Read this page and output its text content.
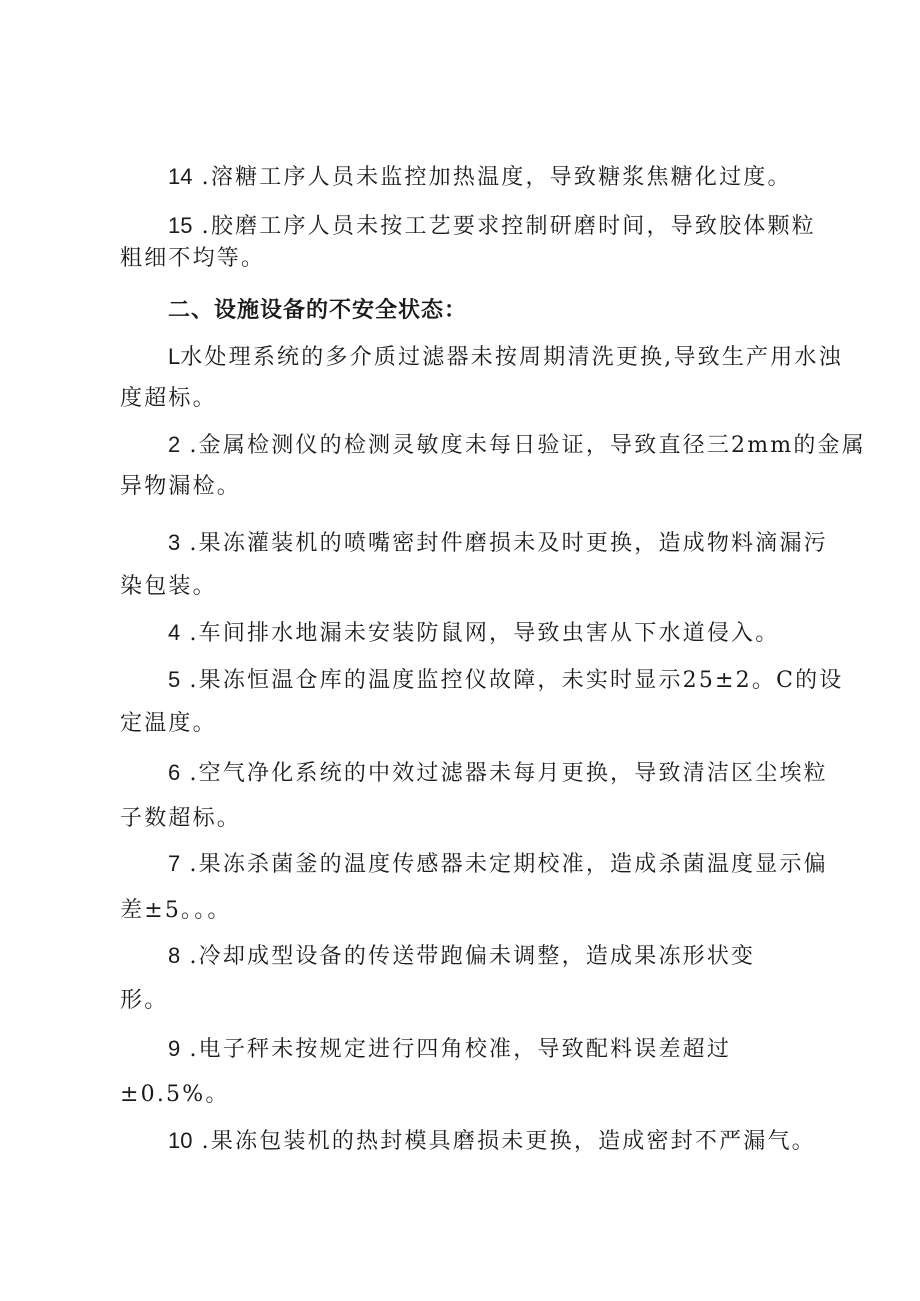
14 .溶糖工序人员未监控加热温度，导致糖浆焦糖化过度。
15 .胶磨工序人员未按工艺要求控制研磨时间，导致胶体颗粒
粗细不均等。
二、设施设备的不安全状态：
L水处理系统的多介质过滤器未按周期清洗更换,导致生产用水浊
度超标。
2 .金属检测仪的检测灵敏度未每日验证，导致直径三2mm的金属
异物漏检。
3 .果冻灌装机的喷嘴密封件磨损未及时更换，造成物料滴漏污
染包装。
4 .车间排水地漏未安装防鼠网，导致虫害从下水道侵入。
5 .果冻恒温仓库的温度监控仪故障，未实时显示25±2。C的设
定温度。
6 .空气净化系统的中效过滤器未每月更换，导致清洁区尘埃粒
子数超标。
7 .果冻杀菌釜的温度传感器未定期校准，造成杀菌温度显示偏
差±5。。。
8 .冷却成型设备的传送带跑偏未调整，造成果冻形状变
形。
9 .电子秤未按规定进行四角校准，导致配料误差超过
±0.5%。
10 .果冻包装机的热封模具磨损未更换，造成密封不严漏气。
